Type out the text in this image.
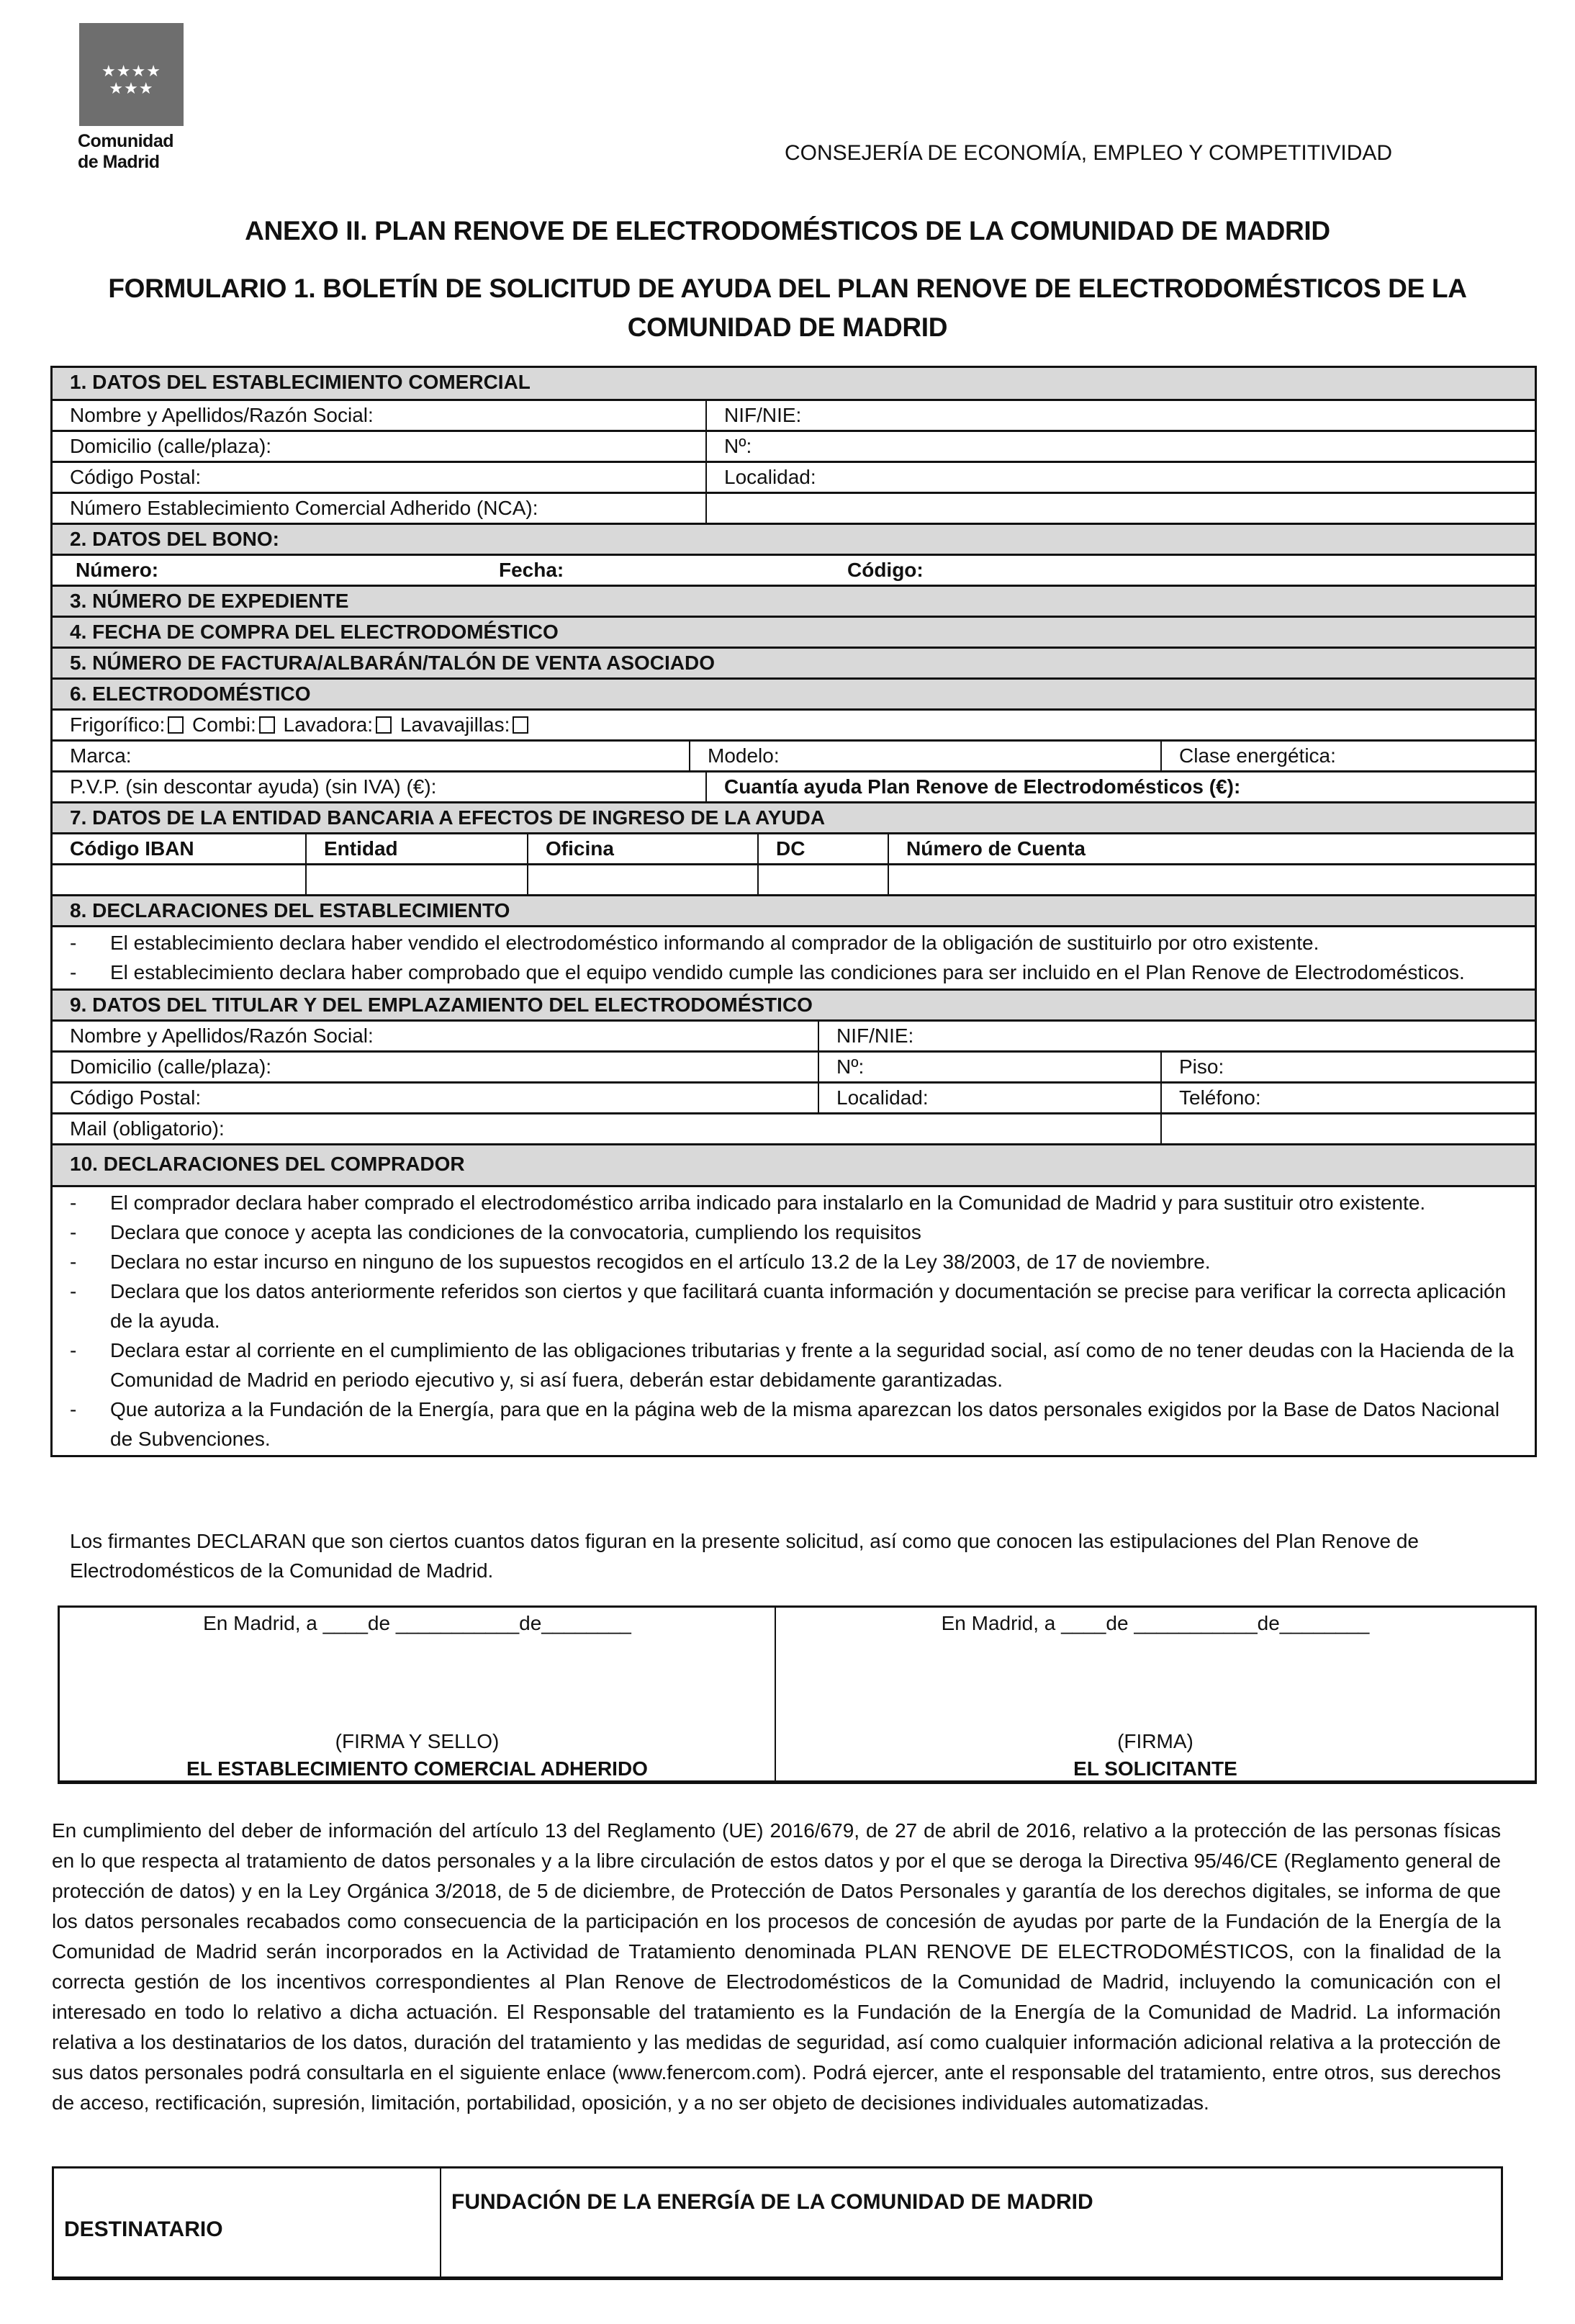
★★★★
★★★
Comunidad
de Madrid	CONSEJERÍA DE ECONOMÍA, EMPLEO Y COMPETITIVIDAD
ANEXO II. PLAN RENOVE DE ELECTRODOMÉSTICOS DE LA COMUNIDAD DE MADRID
FORMULARIO 1. BOLETÍN DE SOLICITUD DE AYUDA DEL PLAN RENOVE DE ELECTRODOMÉSTICOS DE LA
COMUNIDAD DE MADRID
1. DATOS DEL ESTABLECIMIENTO COMERCIAL
Nombre y Apellidos/Razón Social:	NIF/NIE:
Domicilio (calle/plaza):	Nº:
Código Postal:	Localidad:
Número Establecimiento Comercial Adherido (NCA):
2. DATOS DEL BONO:
Número:	Fecha:	Código:
3. NÚMERO DE EXPEDIENTE
4. FECHA DE COMPRA DEL ELECTRODOMÉSTICO
5. NÚMERO DE FACTURA/ALBARÁN/TALÓN DE VENTA ASOCIADO
6. ELECTRODOMÉSTICO
Frigorífico: Combi: Lavadora: Lavavajillas:
Marca:	Modelo:	Clase energética:
P.V.P. (sin descontar ayuda) (sin IVA) (€):	Cuantía ayuda Plan Renove de Electrodomésticos (€):
7. DATOS DE LA ENTIDAD BANCARIA A EFECTOS DE INGRESO DE LA AYUDA
Código IBAN	Entidad	Oficina	DC	Número de Cuenta
8. DECLARACIONES DEL ESTABLECIMIENTO
-	El establecimiento declara haber vendido el electrodoméstico informando al comprador de la obligación de sustituirlo por otro existente.
-	El establecimiento declara haber comprobado que el equipo vendido cumple las condiciones para ser incluido en el Plan Renove de Electrodomésticos.
9. DATOS DEL TITULAR Y DEL EMPLAZAMIENTO DEL ELECTRODOMÉSTICO
Nombre y Apellidos/Razón Social:	NIF/NIE:
Domicilio (calle/plaza):	Nº:	Piso:
Código Postal:	Localidad:	Teléfono:
Mail (obligatorio):
10. DECLARACIONES DEL COMPRADOR
-	El comprador declara haber comprado el electrodoméstico arriba indicado para instalarlo en la Comunidad de Madrid y para sustituir otro existente.
-	Declara que conoce y acepta las condiciones de la convocatoria, cumpliendo los requisitos
-	Declara no estar incurso en ninguno de los supuestos recogidos en el artículo 13.2 de la Ley 38/2003, de 17 de noviembre.
-	Declara que los datos anteriormente referidos son ciertos y que facilitará cuanta información y documentación se precise para verificar la correcta aplicación de la ayuda.
-	Declara estar al corriente en el cumplimiento de las obligaciones tributarias y frente a la seguridad social, así como de no tener deudas con la Hacienda de la Comunidad de Madrid en periodo ejecutivo y, si así fuera, deberán estar debidamente garantizadas.
-	Que autoriza a la Fundación de la Energía, para que en la página web de la misma aparezcan los datos personales exigidos por la Base de Datos Nacional de Subvenciones.
Los firmantes DECLARAN que son ciertos cuantos datos figuran en la presente solicitud, así como que conocen las estipulaciones del Plan Renove de Electrodomésticos de la Comunidad de Madrid.
En Madrid, a ____de ___________de________
(FIRMA Y SELLO)
EL ESTABLECIMIENTO COMERCIAL ADHERIDO
En Madrid, a ____de ___________de________
(FIRMA)
EL SOLICITANTE
En cumplimiento del deber de información del artículo 13 del Reglamento (UE) 2016/679, de 27 de abril de 2016, relativo a la protección de las personas físicas en lo que respecta al tratamiento de datos personales y a la libre circulación de estos datos y por el que se deroga la Directiva 95/46/CE (Reglamento general de protección de datos) y en la Ley Orgánica 3/2018, de 5 de diciembre, de Protección de Datos Personales y garantía de los derechos digitales, se informa de que los datos personales recabados como consecuencia de la participación en los procesos de concesión de ayudas por parte de la Fundación de la Energía de la Comunidad de Madrid serán incorporados en la Actividad de Tratamiento denominada PLAN RENOVE DE ELECTRODOMÉSTICOS, con la finalidad de la correcta gestión de los incentivos correspondientes al Plan Renove de Electrodomésticos de la Comunidad de Madrid, incluyendo la comunicación con el interesado en todo lo relativo a dicha actuación. El Responsable del tratamiento es la Fundación de la Energía de la Comunidad de Madrid. La información relativa a los destinatarios de los datos, duración del tratamiento y las medidas de seguridad, así como cualquier información adicional relativa a la protección de sus datos personales podrá consultarla en el siguiente enlace (www.fenercom.com). Podrá ejercer, ante el responsable del tratamiento, entre otros, sus derechos de acceso, rectificación, supresión, limitación, portabilidad, oposición, y a no ser objeto de decisiones individuales automatizadas.
DESTINATARIO
FUNDACIÓN DE LA ENERGÍA DE LA COMUNIDAD DE MADRID
